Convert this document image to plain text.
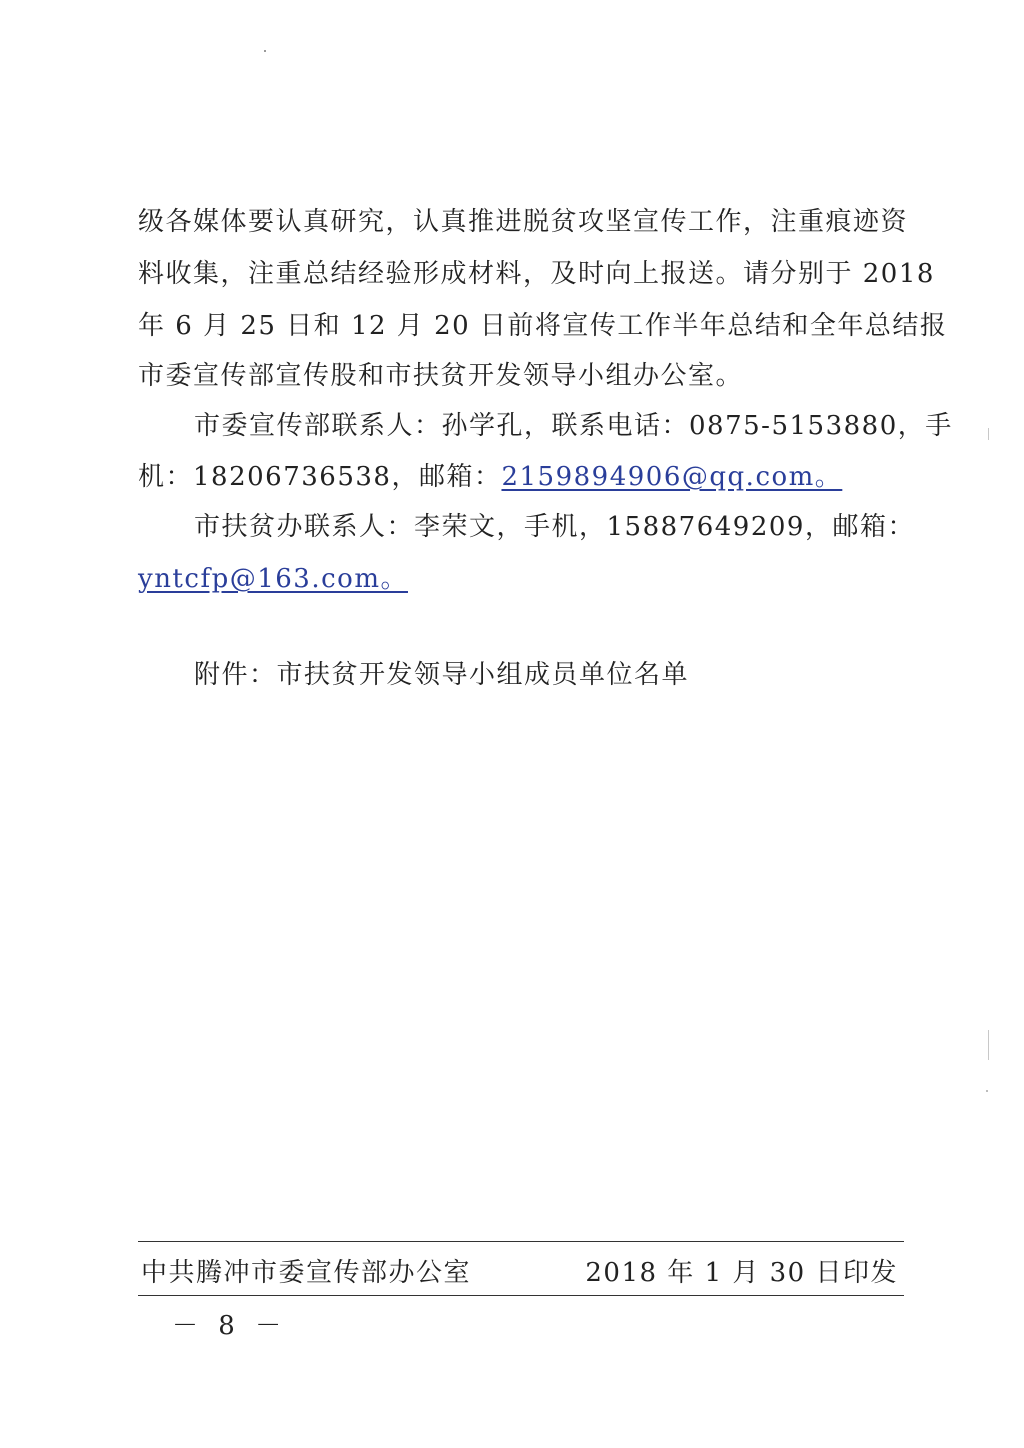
级各媒体要认真研究，认真推进脱贫攻坚宣传工作，注重痕迹资
料收集，注重总结经验形成材料，及时向上报送。请分别于 2018
年 6 月 25 日和 12 月 20 日前将宣传工作半年总结和全年总结报
市委宣传部宣传股和市扶贫开发领导小组办公室。
市委宣传部联系人：孙学孔，联系电话：0875-5153880，手
机：18206736538，邮箱：2159894906@qq.com。
市扶贫办联系人：李荣文，手机，15887649209，邮箱：
yntcfp@163.com。
附件：市扶贫开发领导小组成员单位名单
中共腾冲市委宣传部办公室	2018 年 1 月 30 日印发
－ 8 －
